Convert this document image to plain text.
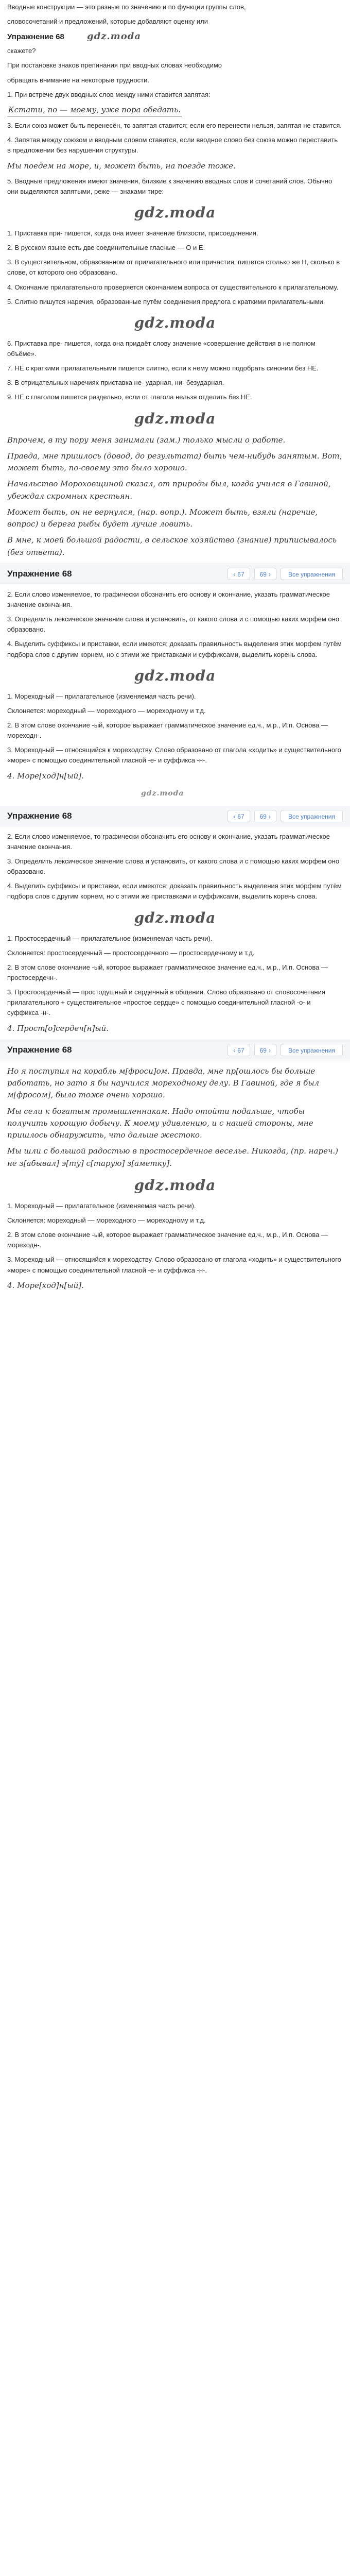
Вводные конструкции — это разные по значению и по функции группы слов,

словосочетаний и предложений, которые добавляют оценку или

Упражнение 68 gdz.moda

скажете?

При постановке знаков препинания при вводных словах необходимо

обращать внимание на некоторые трудности.

1. При встрече двух вводных слов между ними ставится запятая:

Кстати, по — моему, уже пора обедать.

3. Если союз может быть перенесён, то запятая ставится; если его перенести нельзя, запятая не ставится.

4. Запятая между союзом и вводным словом ставится, если вводное слово без союза можно переставить в предложении без нарушения структуры.

Мы поедем на море, и, может быть, на поезде тоже.

5. Вводные предложения имеют значения, близкие к значению вводных слов и сочетаний слов. Обычно они выделяются запятыми, реже — знаками тире:

gdz.moda

1. Приставка при- пишется, когда она имеет значение близости, присоединения.

2. В русском языке есть две соединительные гласные — О и Е.

3. В существительном, образованном от прилагательного или причастия, пишется столько же Н, сколько в слове, от которого оно образовано.

4. Окончание прилагательного проверяется окончанием вопроса от существительного к прилагательному.

5. Слитно пишутся наречия, образованные путём соединения предлога с краткими прилагательными.

gdz.moda

6. Приставка пре- пишется, когда она придаёт слову значение «совершение действия в не полном объёме».

7. НЕ с краткими прилагательными пишется слитно, если к нему можно подобрать синоним без НЕ.

8. В отрицательных наречиях приставка не- ударная, ни- безударная.

9. НЕ с глаголом пишется раздельно, если от глагола нельзя отделить без НЕ.

gdz.moda

Впрочем, в ту пору меня занимали (зам.) только мысли о работе.

Правда, мне пришлось (довод, до результата) быть чем-нибудь занятым. Вот, может быть, по-своему это было хорошо.

Начальство Мороховщиной сказал, от природы был, когда учился в Гавиной, убеждал скромных крестьян.

Может быть, он не вернулся, (нар. вопр.). Может быть, взяли (наречие, вопрос) и берега рыбы будет лучше ловить.

В мне, к моей большой радости, в сельское хозяйство (знание) приписывалось (без ответа).

Упражнение 68	‹ 67	69 ›	Все упражнения

2. Если слово изменяемое, то графически обозначить его основу и окончание, указать грамматическое значение окончания.

3. Определить лексическое значение слова и установить, от какого слова и с помощью каких морфем оно образовано.

4. Выделить суффиксы и приставки, если имеются; доказать правильность выделения этих морфем путём подбора слов с другим корнем, но с этими же приставками и суффиксами, выделить корень слова.

gdz.moda

1. Мореходный — прилагательное (изменяемая часть речи).

Склоняется: мореходный — мореходного — мореходному и т.д.

2. В этом слове окончание -ый, которое выражает грамматическое значение ед.ч., м.р., И.п. Основа — мореходн-.

3. Мореходный — относящийся к мореходству. Слово образовано от глагола «ходить» и существительного «море» с помощью соединительной гласной -е- и суффикса -н-.

4. Море[ход]н[ый].

gdz.moda
Упражнение 68	‹ 67	69 ›	Все упражнения

2. Если слово изменяемое, то графически обозначить его основу и окончание, указать грамматическое значение окончания.

3. Определить лексическое значение слова и установить, от какого слова и с помощью каких морфем оно образовано.

4. Выделить суффиксы и приставки, если имеются; доказать правильность выделения этих морфем путём подбора слов с другим корнем, но с этими же приставками и суффиксами, выделить корень слова.

gdz.moda

1. Простосердечный — прилагательное (изменяемая часть речи).

Склоняется: простосердечный — простосердечного — простосердечному и т.д.

2. В этом слове окончание -ый, которое выражает грамматическое значение ед.ч., м.р., И.п. Основа — простосердечн-.

3. Простосердечный — простодушный и сердечный в общении. Слово образовано от словосочетания прилагательного + существительное «простое сердце» с помощью соединительной гласной -о- и суффикса -н-.

4. Прост[о]сердеч[н]ый.

Упражнение 68	‹ 67	69 ›	Все упражнения

Но я поступил на корабль м[фроси]ом. Правда, мне пр[ошлось бы больше работать, но зато я бы научился мореходному делу. В Гавиной, где я был м[фросом], было тоже очень хорошо.

Мы сели к богатым промышленникам. Надо отойти подальше, чтобы получить хорошую добычу. К моему удивлению, и с нашей стороны, мне пришлось обнаружить, что дальше жестоко.

Мы шли с большой радостью в простосердечное веселье. Никогда, (пр. нареч.) не з[абывал] э[ту] с[тарую] з[аметку].

gdz.moda

1. Мореходный — прилагательное (изменяемая часть речи).

Склоняется: мореходный — мореходного — мореходному и т.д.

2. В этом слове окончание -ый, которое выражает грамматическое значение ед.ч., м.р., И.п. Основа — мореходн-.

3. Мореходный — относящийся к мореходству. Слово образовано от глагола «ходить» и существительного «море» с помощью соединительной гласной -е- и суффикса -н-.

4. Море[ход]н[ый].
